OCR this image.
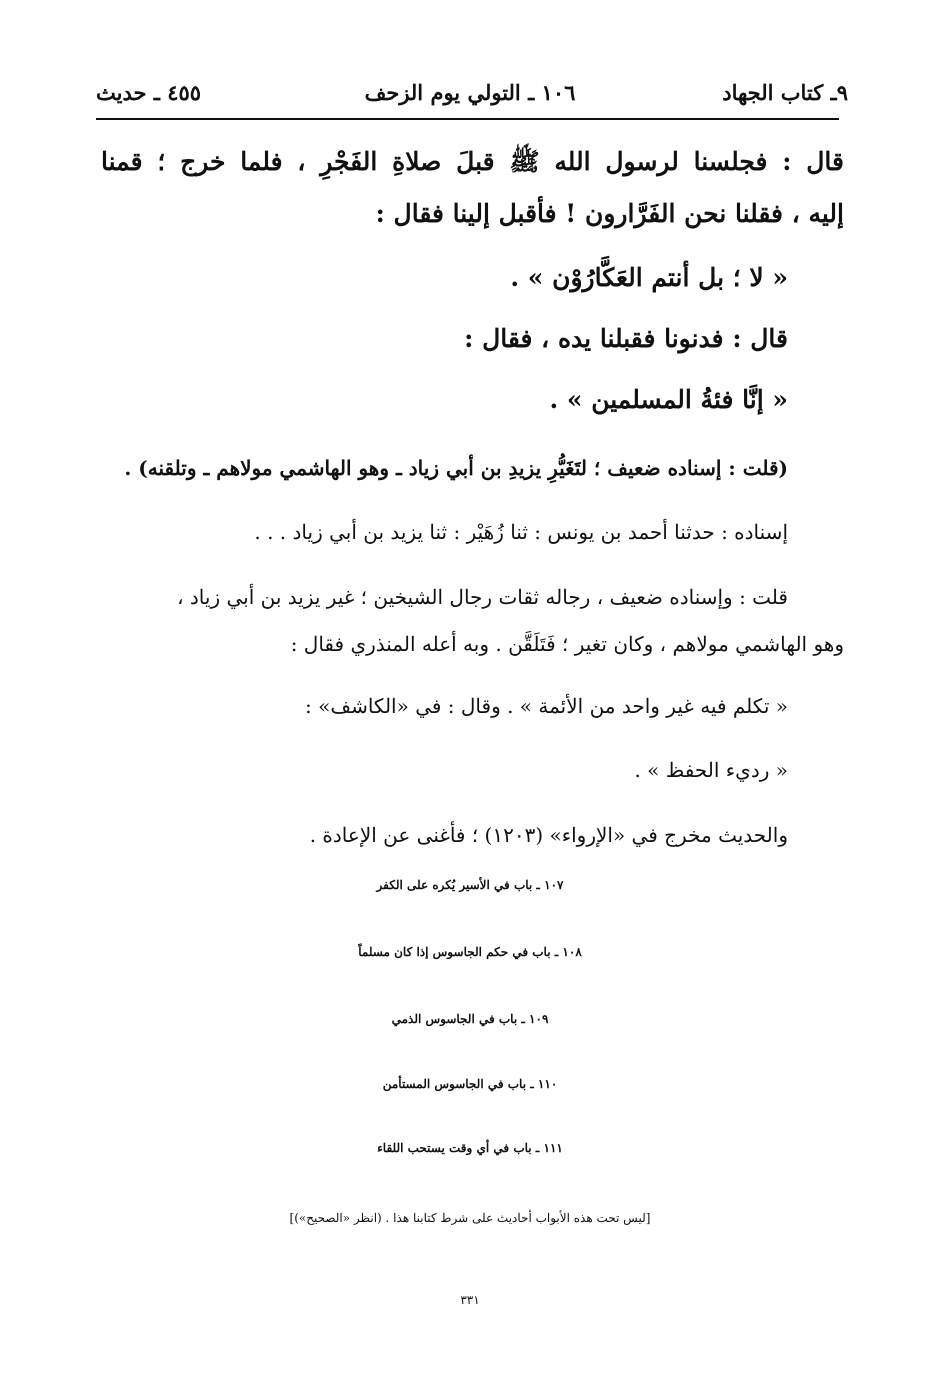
٩ـ كتاب الجهاد
١٠٦ ـ التولي يوم الزحف
٤٥٥ ـ حديث
قال : فجلسنا لرسول الله ﷺ قبلَ صلاةِ الفَجْرِ ، فلما خرج ؛ قمنا
إليه ، فقلنا نحن الفَرَّارون ! فأقبل إلينا فقال :
« لا ؛ بل أنتم العَكَّارُوْن » .
قال : فدنونا فقبلنا يده ، فقال :
« إنَّا فئةُ المسلمين » .
(قلت : إسناده ضعيف ؛ لتَغَيُّرِ يزيدِ بن أبي زياد ـ وهو الهاشمي مولاهم ـ وتلقنه) .
إسناده : حدثنا أحمد بن يونس : ثنا زُهَيْر : ثنا يزيد بن أبي زياد . . .
قلت : وإسناده ضعيف ، رجاله ثقات رجال الشيخين ؛ غير يزيد بن أبي زياد ،
وهو الهاشمي مولاهم ، وكان تغير ؛ فَتَلَقَّن . وبه أعله المنذري فقال :
« تكلم فيه غير واحد من الأئمة » . وقال : في «الكاشف» :
« رديء الحفظ » .
والحديث مخرج في «الإرواء» (١٢٠٣) ؛ فأغنى عن الإعادة .
١٠٧ ـ باب في الأسير يُكره على الكفر
١٠٨ ـ باب في حكم الجاسوس إذا كان مسلماً
١٠٩ ـ باب في الجاسوس الذمي
١١٠ ـ باب في الجاسوس المستأمن
١١١ ـ باب في أي وقت يستحب اللقاء
[ليس تحت هذه الأبواب أحاديث على شرط كتابنا هذا . (انظر «الصحيح»)]
٣٣١
